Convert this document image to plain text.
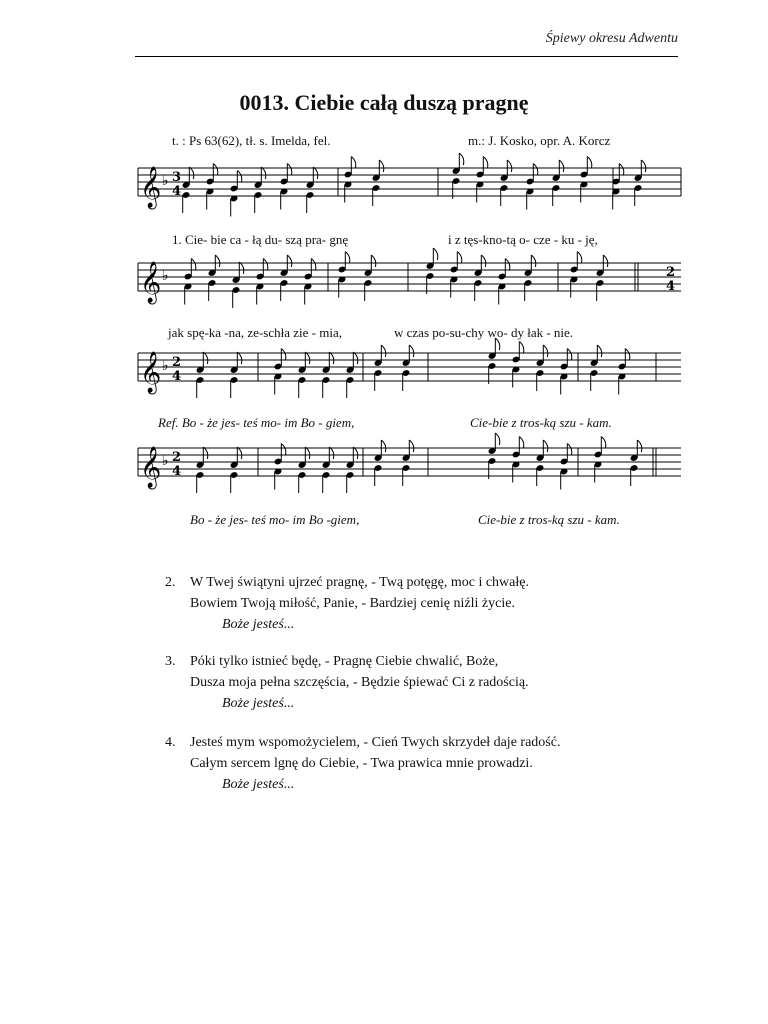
Śpiewy okresu Adwentu
0013. Ciebie całą duszą pragnę
t. : Ps 63(62), tł. s. Imelda, fel.	m.: J. Kosko, opr. A. Korcz
𝄞 ♭ 3
4
1. Cie- bie ca - łą du- szą pra- gnę	i z tęs-kno-tą o- cze - ku - ję,
𝄞 ♭	2
4
jak spę-ka -na, ze-schła zie - mia,	w czas po-su-chy wo- dy łak - nie.
𝄞 ♭ 2
4
Ref. Bo - że jes- teś mo- im Bo - giem,	Cie-bie z tros-ką szu - kam.
𝄞 ♭ 2
4
Bo - że jes- teś mo- im Bo -giem,	Cie-bie z tros-ką szu - kam.
2. W Twej świątyni ujrzeć pragnę, - Twą potęgę, moc i chwałę.
Bowiem Twoją miłość, Panie, - Bardziej cenię niźli życie.
Boże jesteś...
3. Póki tylko istnieć będę, - Pragnę Ciebie chwalić, Boże,
Dusza moja pełna szczęścia, - Będzie śpiewać Ci z radością.
Boże jesteś...
4. Jesteś mym wspomożycielem, - Cień Twych skrzydeł daje radość.
Całym sercem lgnę do Ciebie, - Twa prawica mnie prowadzi.
Boże jesteś...
